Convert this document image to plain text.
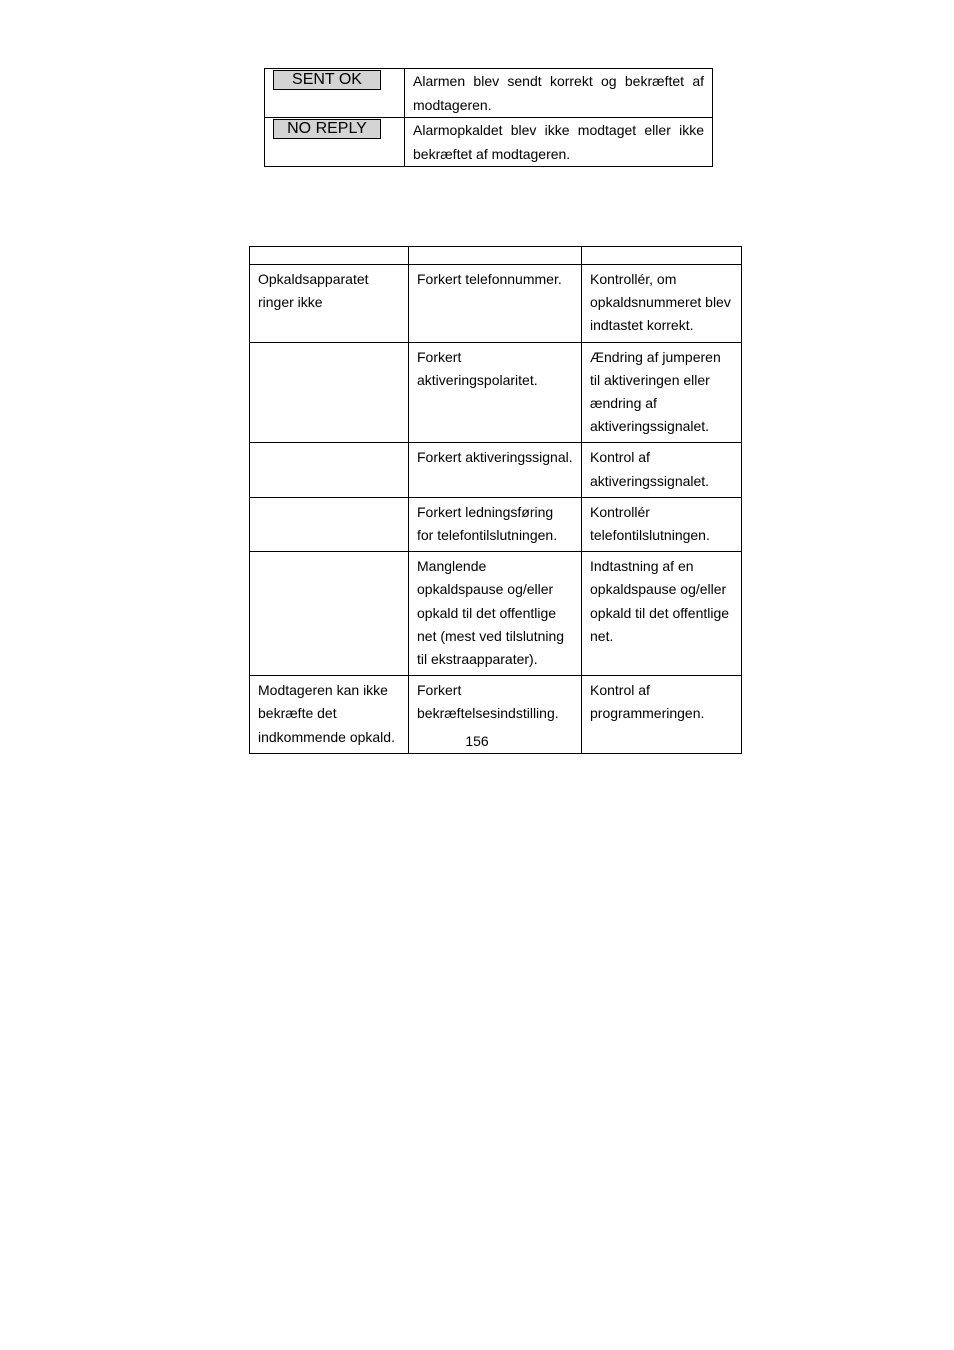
SENT OK	Alarmen blev sendt korrekt og bekræftet af modtageren.

NO REPLY	Alarmopkaldet blev ikke modtaget eller ikke bekræftet af modtageren.

Opkaldsapparatet ringer ikke	Forkert telefonnummer.	Kontrollér, om opkaldsnummeret blev indtastet korrekt.
	Forkert aktiveringspolaritet.	Ændring af jumperen til aktiveringen eller ændring af aktiveringssignalet.
	Forkert aktiveringssignal.	Kontrol af aktiveringssignalet.
	Forkert ledningsføring for telefontilslutningen.	Kontrollér telefontilslutningen.
	Manglende opkaldspause og/eller opkald til det offentlige net (mest ved tilslutning til ekstraapparater).	Indtastning af en opkaldspause og/eller opkald til det offentlige net.
Modtageren kan ikke bekræfte det indkommende opkald.	Forkert bekræftelsesindstilling.	Kontrol af programmeringen.
156
